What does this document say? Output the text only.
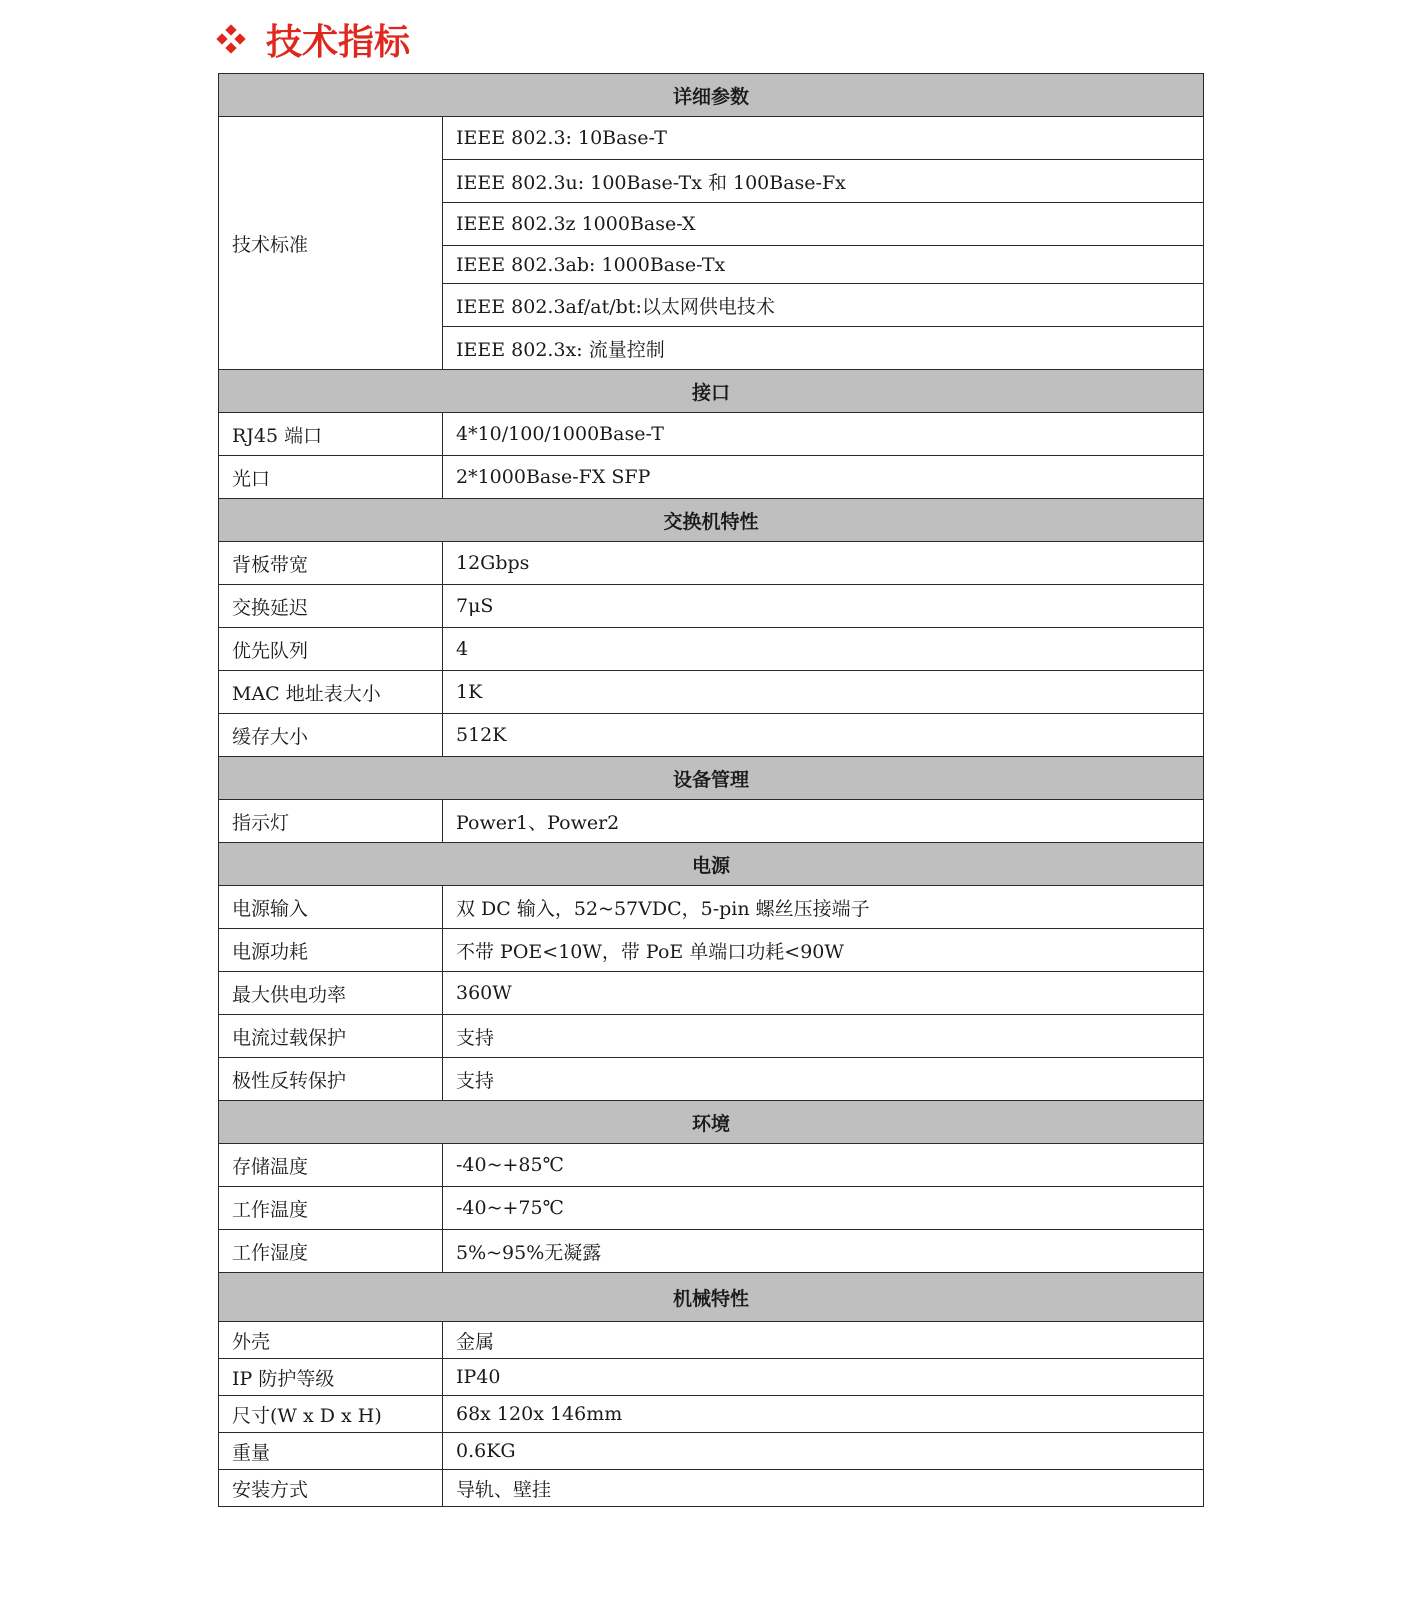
技术指标
详细参数	
技术标准	IEEE 802.3: 10Base-T
	IEEE 802.3u: 100Base-Tx 和 100Base-Fx
	IEEE 802.3z 1000Base-X
	IEEE 802.3ab: 1000Base-Tx
	IEEE 802.3af/at/bt:以太网供电技术
	IEEE 802.3x: 流量控制
接口	
RJ45 端口	4*10/100/1000Base-T
光口	2*1000Base-FX SFP
交换机特性	
背板带宽	12Gbps
交换延迟	7μS
优先队列	4
MAC 地址表大小	1K
缓存大小	512K
设备管理	
指示灯	Power1、Power2
电源	
电源输入	双 DC 输入，52~57VDC，5-pin 螺丝压接端子
电源功耗	不带 POE<10W，带 PoE 单端口功耗<90W
最大供电功率	360W
电流过载保护	支持
极性反转保护	支持
环境	
存储温度	-40~+85℃
工作温度	-40~+75℃
工作湿度	5%~95%无凝露
机械特性	
外壳	金属
IP 防护等级	IP40
尺寸(W x D x H)	68x 120x 146mm
重量	0.6KG
安装方式	导轨、壁挂
